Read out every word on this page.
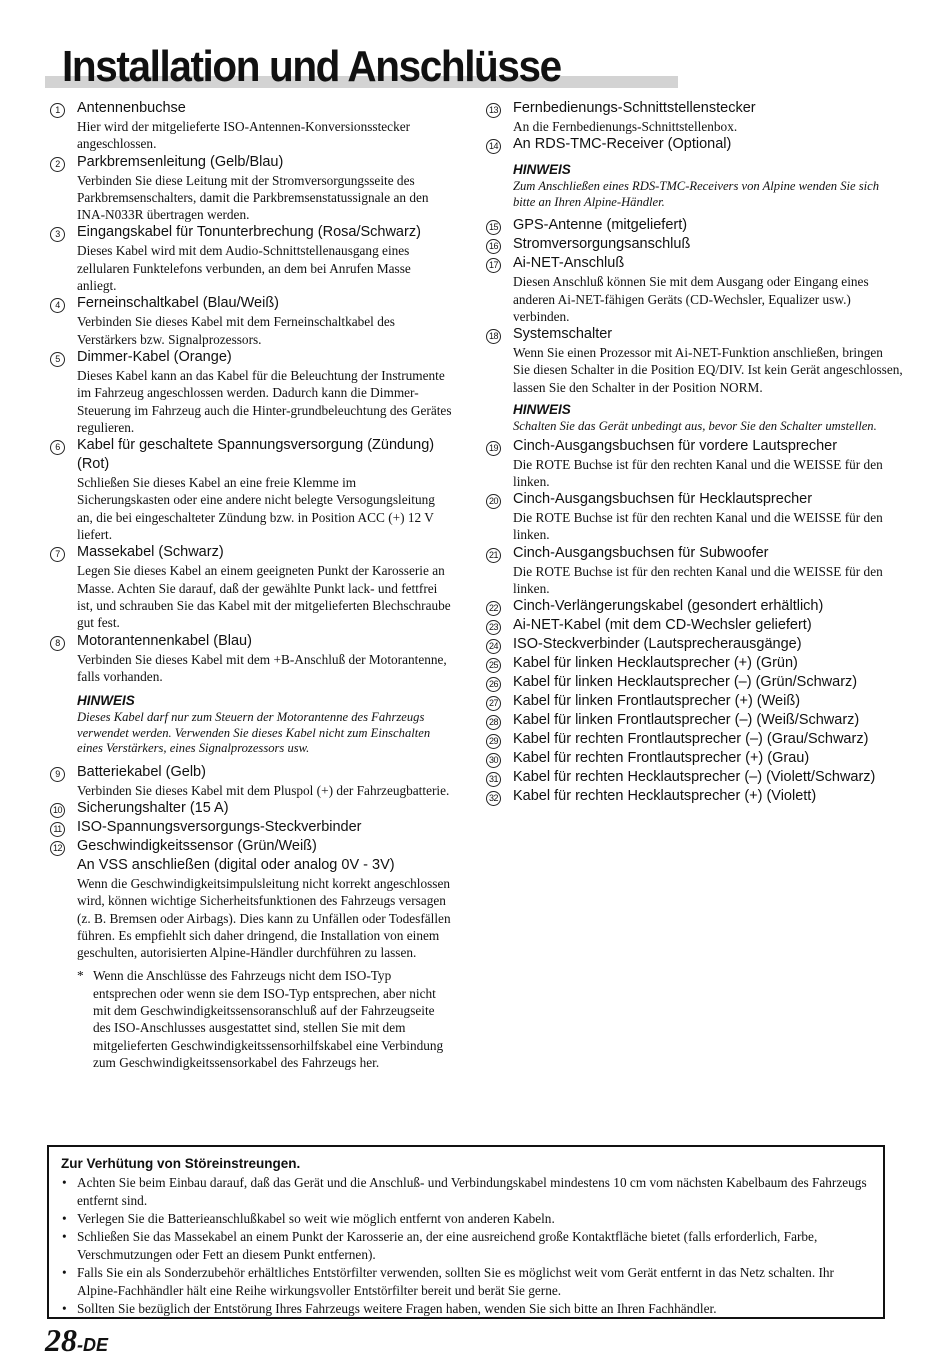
Installation und Anschlüsse
1	Antennenbuchse
Hier wird der mitgelieferte ISO-Antennen-Konversionsstecker angeschlossen.
2	Parkbremsenleitung (Gelb/Blau)
Verbinden Sie diese Leitung mit der Stromversorgungsseite des Parkbremsenschalters, damit die Parkbremsenstatussignale an den INA-N033R übertragen werden.
3	Eingangskabel für Tonunterbrechung (Rosa/Schwarz)
Dieses Kabel wird mit dem Audio-Schnittstellenausgang eines zellularen Funktelefons verbunden, an dem bei Anrufen Masse anliegt.
4	Ferneinschaltkabel (Blau/Weiß)
Verbinden Sie dieses Kabel mit dem Ferneinschaltkabel des Verstärkers bzw. Signalprozessors.
5	Dimmer-Kabel (Orange)
Dieses Kabel kann an das Kabel für die Beleuchtung der Instrumente im Fahrzeug angeschlossen werden. Dadurch kann die Dimmer-Steuerung im Fahrzeug auch die Hinter-grundbeleuchtung des Gerätes regulieren.
6	Kabel für geschaltete Spannungsversorgung (Zündung) (Rot)
Schließen Sie dieses Kabel an eine freie Klemme im Sicherungskasten oder eine andere nicht belegte Versogungsleitung an, die bei eingeschalteter Zündung bzw. in Position ACC (+) 12 V liefert.
7	Massekabel (Schwarz)
Legen Sie dieses Kabel an einem geeigneten Punkt der Karosserie an Masse. Achten Sie darauf, daß der gewählte Punkt lack- und fettfrei ist, und schrauben Sie das Kabel mit der mitgelieferten Blechschraube gut fest.
8	Motorantennenkabel (Blau)
Verbinden Sie dieses Kabel mit dem +B-Anschluß der Motorantenne, falls vorhanden.
HINWEIS
Dieses Kabel darf nur zum Steuern der Motorantenne des Fahrzeugs verwendet werden. Verwenden Sie dieses Kabel nicht zum Einschalten eines Verstärkers, eines Signalprozessors usw.
9	Batteriekabel (Gelb)
Verbinden Sie dieses Kabel mit dem Pluspol (+) der Fahrzeugbatterie.
10 Sicherungshalter (15 A)
11 ISO-Spannungsversorgungs-Steckverbinder
12 Geschwindigkeitssensor (Grün/Weiß)
An VSS anschließen (digital oder analog 0V - 3V)
Wenn die Geschwindigkeitsimpulsleitung nicht korrekt angeschlossen wird, können wichtige Sicherheitsfunktionen des Fahrzeugs versagen (z. B. Bremsen oder Airbags). Dies kann zu Unfällen oder Todesfällen führen. Es empfiehlt sich daher dringend, die Installation von einem geschulten, autorisierten Alpine-Händler durchführen zu lassen.
* Wenn die Anschlüsse des Fahrzeugs nicht dem ISO-Typ entsprechen oder wenn sie dem ISO-Typ entsprechen, aber nicht mit dem Geschwindigkeitssensoranschluß auf der Fahrzeugseite des ISO-Anschlusses ausgestattet sind, stellen Sie mit dem mitgelieferten Geschwindigkeitssensorhilfskabel eine Verbindung zum Geschwindigkeitssensorkabel des Fahrzeugs her.
13 Fernbedienungs-Schnittstellenstecker
An die Fernbedienungs-Schnittstellenbox.
14 An RDS-TMC-Receiver (Optional)
HINWEIS
Zum Anschließen eines RDS-TMC-Receivers von Alpine wenden Sie sich bitte an Ihren Alpine-Händler.
15 GPS-Antenne (mitgeliefert)
16 Stromversorgungsanschluß
17 Ai-NET-Anschluß
Diesen Anschluß können Sie mit dem Ausgang oder Eingang eines anderen Ai-NET-fähigen Geräts (CD-Wechsler, Equalizer usw.) verbinden.
18 Systemschalter
Wenn Sie einen Prozessor mit Ai-NET-Funktion anschließen, bringen Sie diesen Schalter in die Position EQ/DIV. Ist kein Gerät angeschlossen, lassen Sie den Schalter in der Position NORM.
HINWEIS
Schalten Sie das Gerät unbedingt aus, bevor Sie den Schalter umstellen.
19 Cinch-Ausgangsbuchsen für vordere Lautsprecher
Die ROTE Buchse ist für den rechten Kanal und die WEISSE für den linken.
20 Cinch-Ausgangsbuchsen für Hecklautsprecher
Die ROTE Buchse ist für den rechten Kanal und die WEISSE für den linken.
21 Cinch-Ausgangsbuchsen für Subwoofer
Die ROTE Buchse ist für den rechten Kanal und die WEISSE für den linken.
22 Cinch-Verlängerungskabel (gesondert erhältlich)
23 Ai-NET-Kabel (mit dem CD-Wechsler geliefert)
24 ISO-Steckverbinder (Lautsprecherausgänge)
25 Kabel für linken Hecklautsprecher (+) (Grün)
26 Kabel für linken Hecklautsprecher (–) (Grün/Schwarz)
27 Kabel für linken Frontlautsprecher (+) (Weiß)
28 Kabel für linken Frontlautsprecher (–) (Weiß/Schwarz)
29 Kabel für rechten Frontlautsprecher (–) (Grau/Schwarz)
30 Kabel für rechten Frontlautsprecher (+) (Grau)
31 Kabel für rechten Hecklautsprecher (–) (Violett/Schwarz)
32 Kabel für rechten Hecklautsprecher (+) (Violett)
Zur Verhütung von Störeinstreungen.
• Achten Sie beim Einbau darauf, daß das Gerät und die Anschluß- und Verbindungskabel mindestens 10 cm vom nächsten Kabelbaum des Fahrzeugs entfernt sind.
• Verlegen Sie die Batterieanschlußkabel so weit wie möglich entfernt von anderen Kabeln.
• Schließen Sie das Massekabel an einem Punkt der Karosserie an, der eine ausreichend große Kontaktfläche bietet (falls erforderlich, Farbe, Verschmutzungen oder Fett an diesem Punkt entfernen).
• Falls Sie ein als Sonderzubehör erhältliches Entstörfilter verwenden, sollten Sie es möglichst weit vom Gerät entfernt in das Netz schalten. Ihr Alpine-Fachhändler hält eine Reihe wirkungsvoller Entstörfilter bereit und berät Sie gerne.
• Sollten Sie bezüglich der Entstörung Ihres Fahrzeugs weitere Fragen haben, wenden Sie sich bitte an Ihren Fachhändler.
28-DE
